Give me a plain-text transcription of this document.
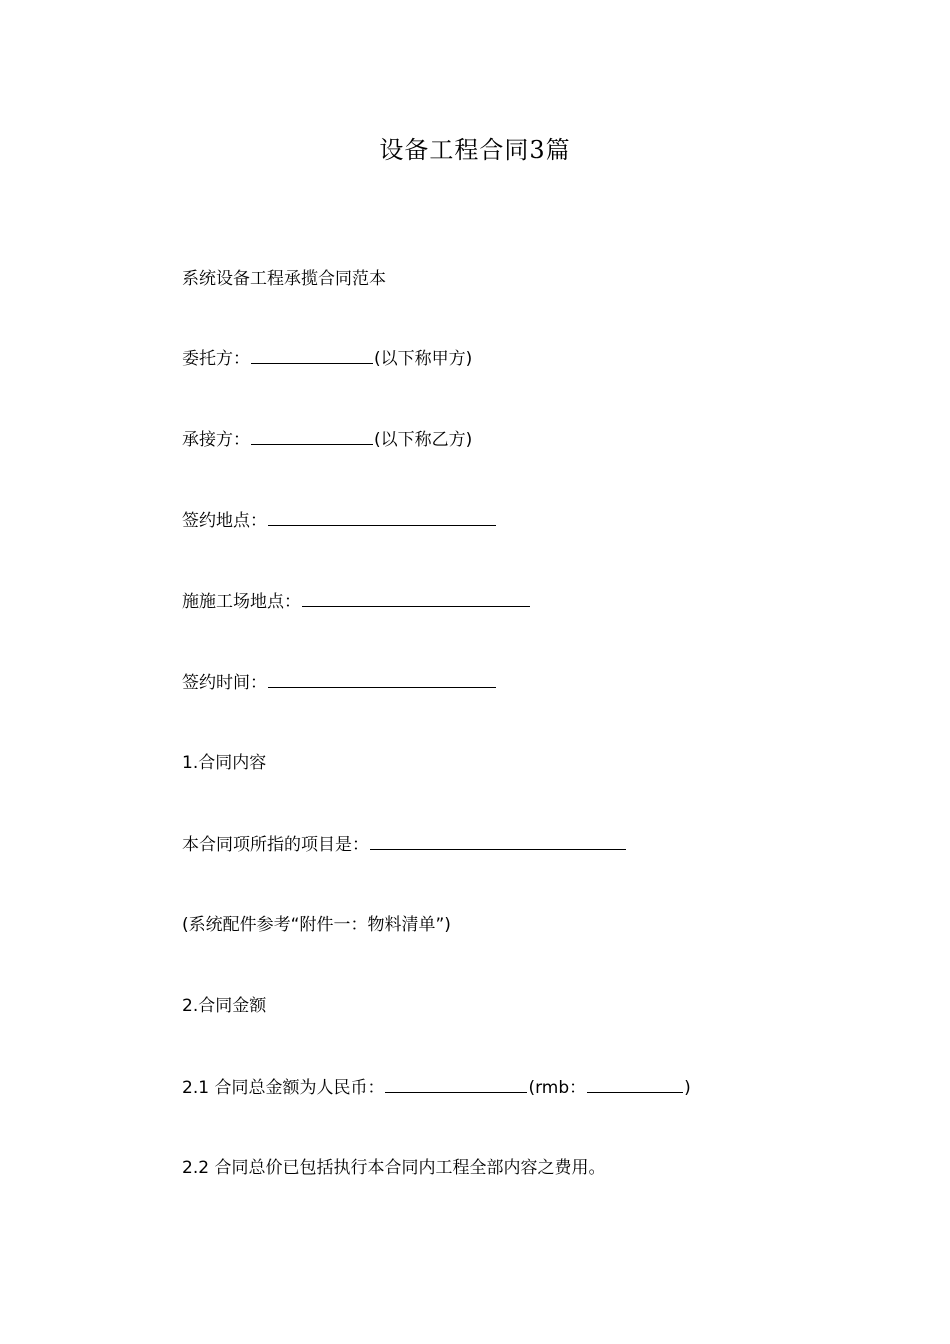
设备工程合同3篇
系统设备工程承揽合同范本
委托方：	(以下称甲方)
承接方：	(以下称乙方)
签约地点：
施施工场地点：
签约时间：
1.合同内容
本合同项所指的项目是：
(系统配件参考“附件一：物料清单”)
2.合同金额
2.1 合同总金额为人民币：	(rmb：	)
2.2 合同总价已包括执行本合同内工程全部内容之费用。
